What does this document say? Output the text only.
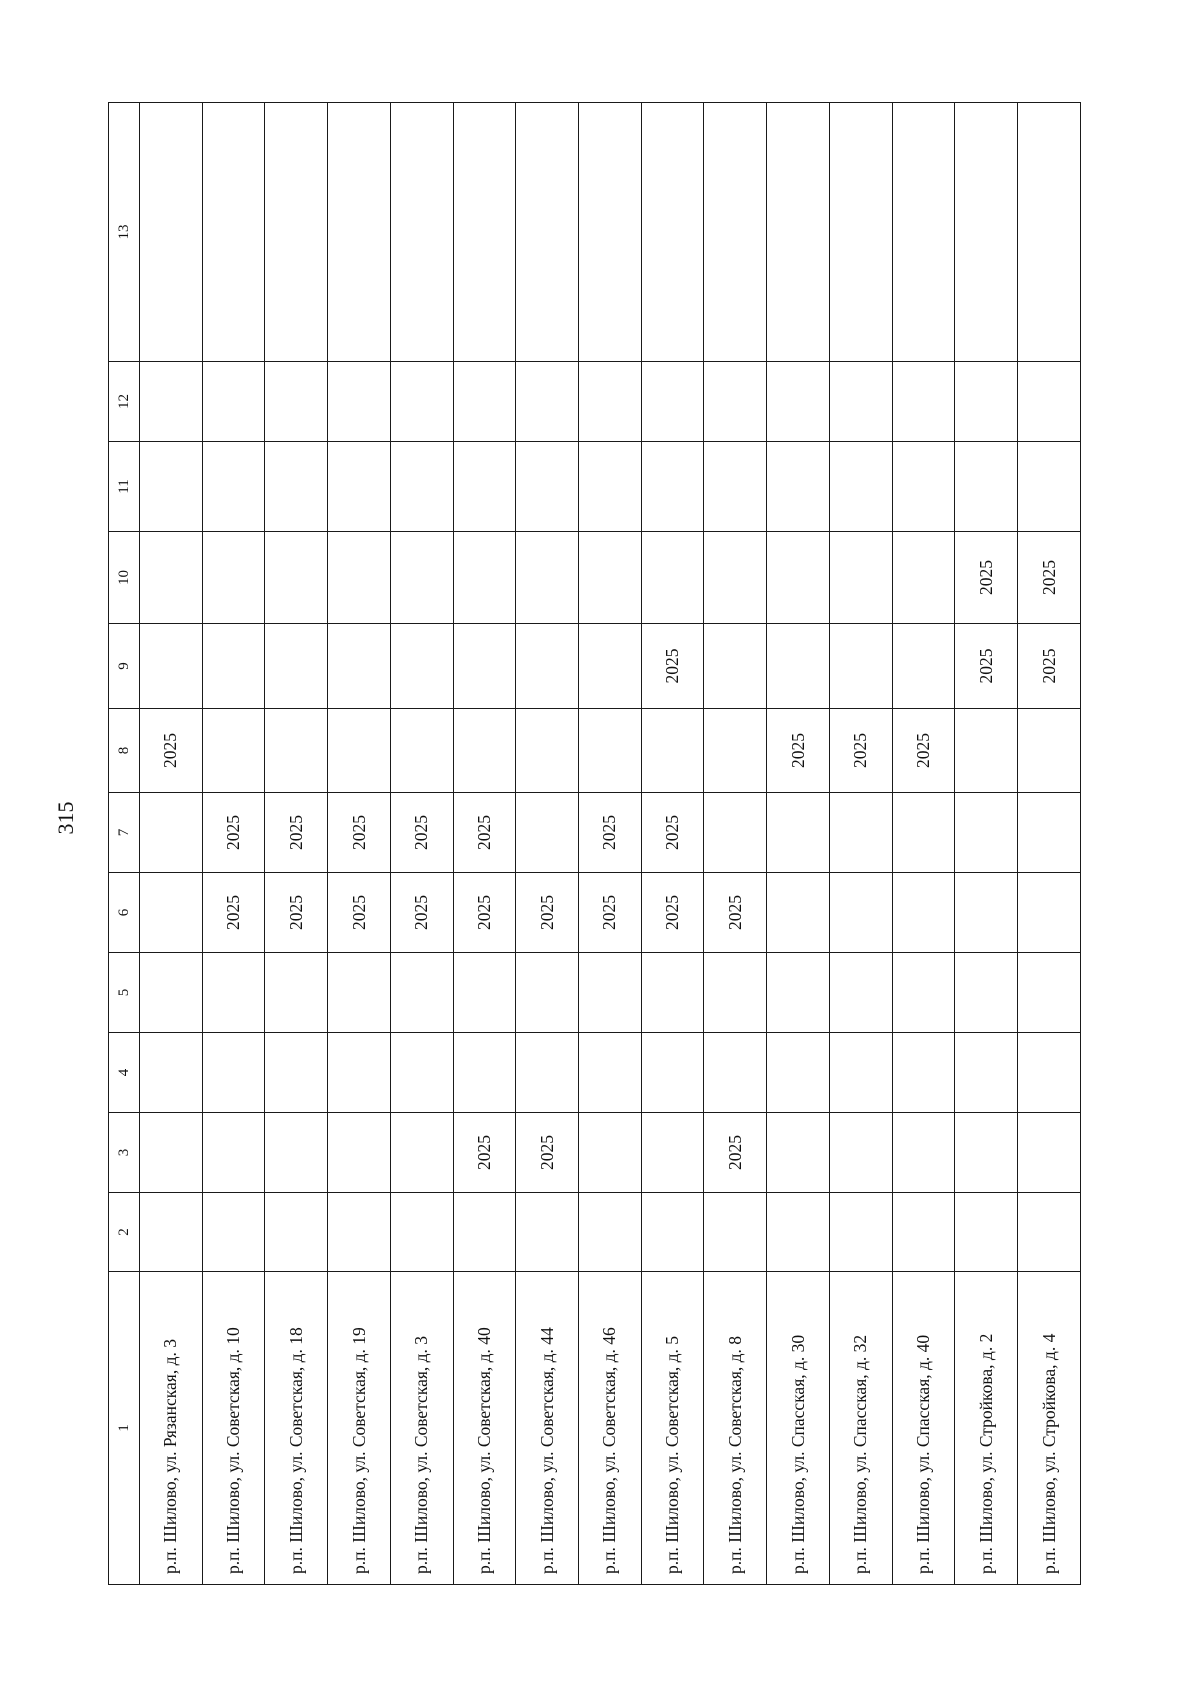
315
1	2	3	4	5	6	7	8	9	10	11	12	13
р.п. Шилово, ул. Рязанская, д. 3							2025					
р.п. Шилово, ул. Советская, д. 10					2025	2025						
р.п. Шилово, ул. Советская, д. 18					2025	2025						
р.п. Шилово, ул. Советская, д. 19					2025	2025						
р.п. Шилово, ул. Советская, д. 3					2025	2025						
р.п. Шилово, ул. Советская, д. 40		2025			2025	2025						
р.п. Шилово, ул. Советская, д. 44		2025			2025							
р.п. Шилово, ул. Советская, д. 46					2025	2025						
р.п. Шилово, ул. Советская, д. 5					2025	2025		2025				
р.п. Шилово, ул. Советская, д. 8		2025			2025							
р.п. Шилово, ул. Спасская, д. 30							2025					
р.п. Шилово, ул. Спасская, д. 32							2025					
р.п. Шилово, ул. Спасская, д. 40							2025					
р.п. Шилово, ул. Стройкова, д. 2								2025	2025			
р.п. Шилово, ул. Стройкова, д. 4								2025	2025			
